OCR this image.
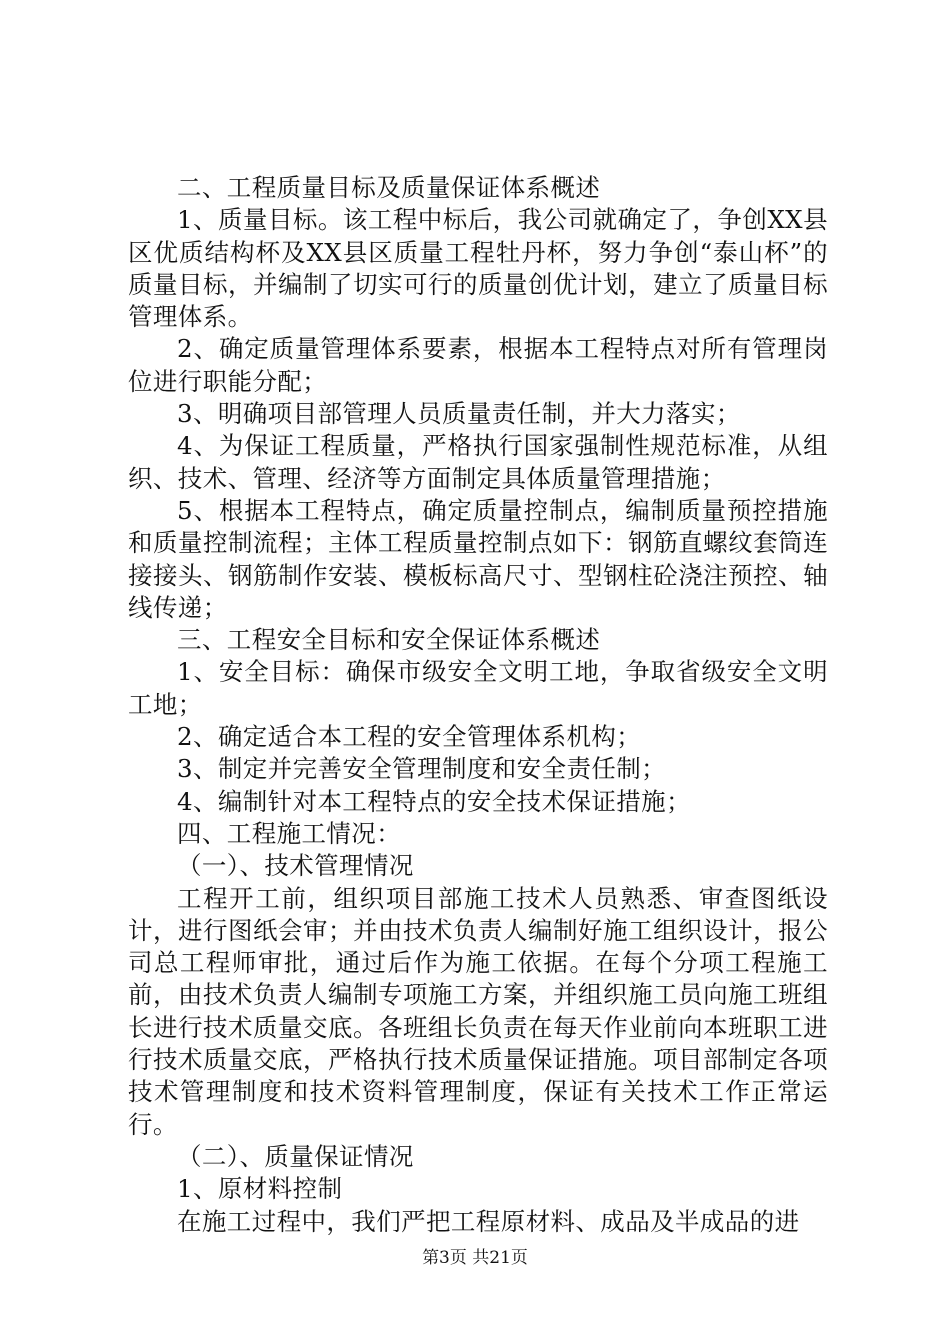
二、工程质量目标及质量保证体系概述

1、质量目标。该工程中标后，我公司就确定了，争创XX县区优质结构杯及XX县区质量工程牡丹杯，努力争创“泰山杯”的质量目标，并编制了切实可行的质量创优计划，建立了质量目标管理体系。

2、确定质量管理体系要素，根据本工程特点对所有管理岗位进行职能分配；

3、明确项目部管理人员质量责任制，并大力落实；

4、为保证工程质量，严格执行国家强制性规范标准，从组织、技术、管理、经济等方面制定具体质量管理措施；

5、根据本工程特点，确定质量控制点，编制质量预控措施和质量控制流程；主体工程质量控制点如下：钢筋直螺纹套筒连接接头、钢筋制作安装、模板标高尺寸、型钢柱砼浇注预控、轴线传递；

三、工程安全目标和安全保证体系概述

1、安全目标：确保市级安全文明工地，争取省级安全文明工地；

2、确定适合本工程的安全管理体系机构；

3、制定并完善安全管理制度和安全责任制；

4、编制针对本工程特点的安全技术保证措施；

四、工程施工情况：

（一）、技术管理情况

工程开工前，组织项目部施工技术人员熟悉、审查图纸设计，进行图纸会审；并由技术负责人编制好施工组织设计，报公司总工程师审批，通过后作为施工依据。在每个分项工程施工前，由技术负责人编制专项施工方案，并组织施工员向施工班组长进行技术质量交底。各班组长负责在每天作业前向本班职工进行技术质量交底，严格执行技术质量保证措施。项目部制定各项技术管理制度和技术资料管理制度，保证有关技术工作正常运行。

（二）、质量保证情况

1、原材料控制

在施工过程中，我们严把工程原材料、成品及半成品的进

第3页 共21页
